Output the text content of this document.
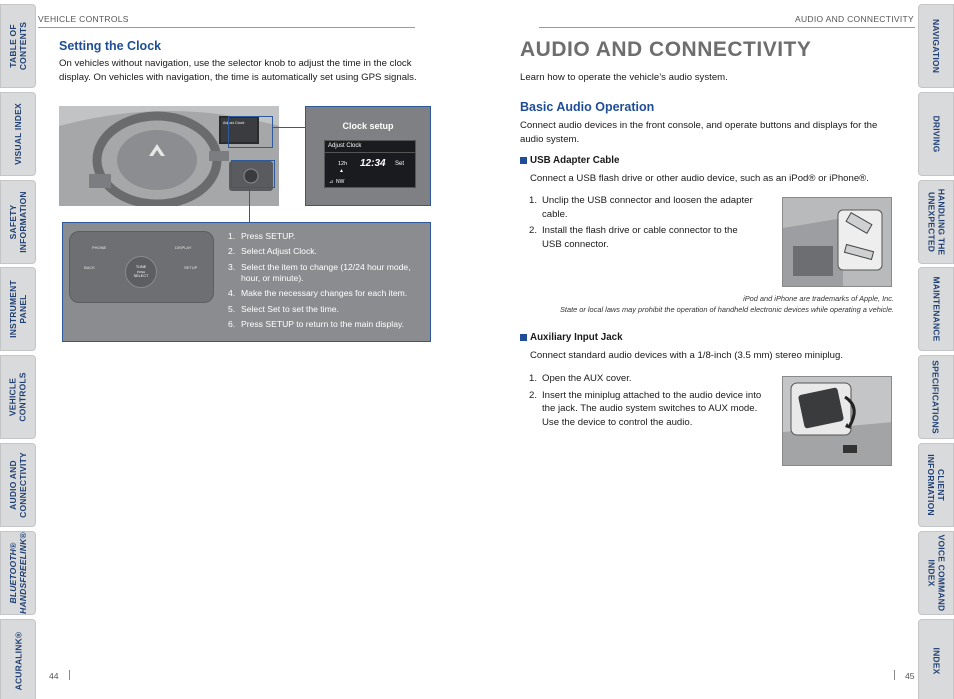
TABLE OF
CONTENTS
VISUAL INDEX
SAFETY
INFORMATION
INSTRUMENT
PANEL
VEHICLE
CONTROLS
AUDIO AND
CONNECTIVITY
BLUETOOTH®
HANDSFREELINK®
ACURALINK®
NAVIGATION
DRIVING
HANDLING THE
UNEXPECTED
MAINTENANCE
SPECIFICATIONS
CLIENT
INFORMATION
VOICE COMMAND
INDEX
INDEX
VEHICLE CONTROLS
Setting the Clock
On vehicles without navigation, use the selector knob to adjust the time in the clock display. On vehicles with navigation, the time is automatically set using GPS signals.
Adjust Clock	Clock setup
Adjust Clock
12h
▲
12:34 Set
⊿ NW
PHONE	DISPLAY
BACK	TUNE
PUSH
SELECT
SETUP
1. Press SETUP.
2. Select Adjust Clock.
3. Select the item to change (12/24 hour mode, hour, or minute).
4. Make the necessary changes for each item.
5. Select Set to set the time.
6. Press SETUP to return to the main display.
44
AUDIO AND CONNECTIVITY
AUDIO AND CONNECTIVITY
Learn how to operate the vehicle’s audio system.
Basic Audio Operation
Connect audio devices in the front console, and operate buttons and displays for the audio system.
USB Adapter Cable
Connect a USB flash drive or other audio device, such as an iPod® or iPhone®.
1. Unclip the USB connector and loosen the adapter cable.
2. Install the flash drive or cable connector to the USB connector.
iPod and iPhone are trademarks of Apple, Inc.
State or local laws may prohibit the operation of handheld electronic devices while operating a vehicle.
Auxiliary Input Jack
Connect standard audio devices with a 1/8-inch (3.5 mm) stereo miniplug.
1. Open the AUX cover.
2. Insert the miniplug attached to the audio device into the jack. The audio system switches to AUX mode. Use the device to control the audio.
45
